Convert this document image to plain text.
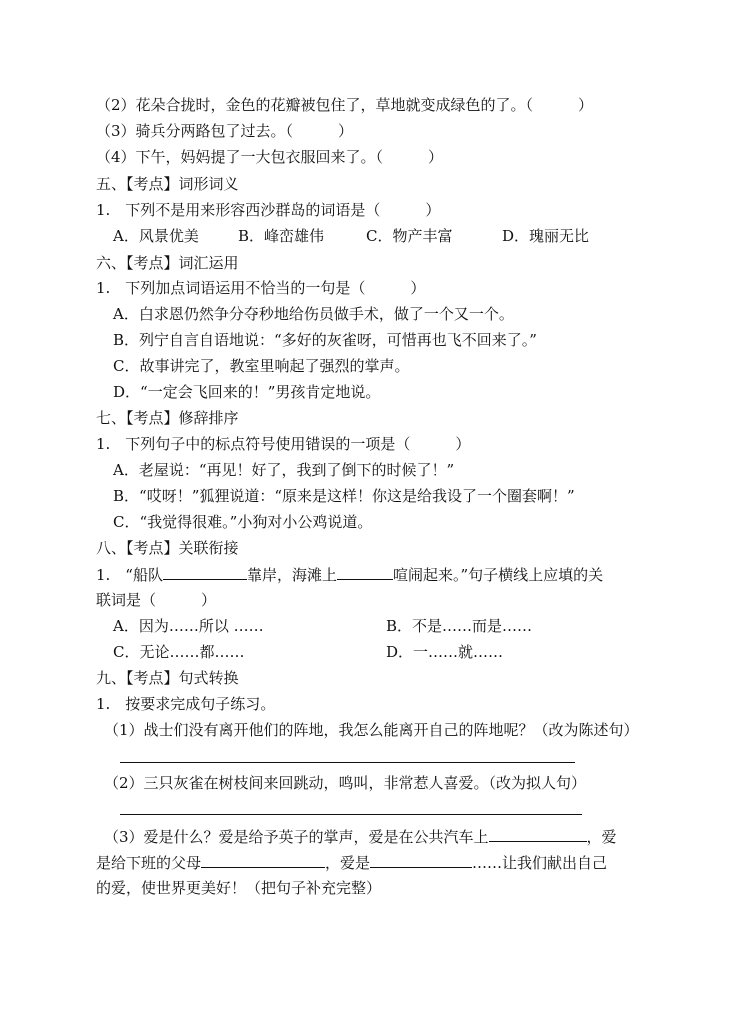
（2）花朵合拢时，金色的花瓣被包住了，草地就变成绿色的了。（　　　）
（3）骑兵分两路包了过去。（　　　）
（4）下午，妈妈提了一大包衣服回来了。（　　　）
五、【考点】词形词义
1.　下列不是用来形容西沙群岛的词语是（　　　）
A．风景优美	B．峰峦雄伟	C．物产丰富	D．瑰丽无比
六、【考点】词汇运用
1.　下列加点词语运用不恰当的一句是（　　　）
A．白求恩仍然争分夺秒地给伤员做手术，做了一个又一个。
B．列宁自言自语地说：“多好的灰雀呀，可惜再也飞不回来了。”
C．故事讲完了，教室里响起了强烈的掌声。
D．“一定会飞回来的！”男孩肯定地说。
七、【考点】修辞排序
1.　下列句子中的标点符号使用错误的一项是（　　　）
A．老屋说：“再见！好了，我到了倒下的时候了！”
B．“哎呀！”狐狸说道：“原来是这样！你这是给我设了一个圈套啊！”
C．“我觉得很难。”小狗对小公鸡说道。
八、【考点】关联衔接
1.　“船队	靠岸，海滩上	喧闹起来。”句子横线上应填的关
联词是（　　　）
A．因为……所以 ……	B．不是……而是……
C．无论……都……	D．一……就……
九、【考点】句式转换
1.　按要求完成句子练习。
（1）战士们没有离开他们的阵地，我怎么能离开自己的阵地呢？（改为陈述句）
（2）三只灰雀在树枝间来回跳动，鸣叫，非常惹人喜爱。（改为拟人句）
（3）爱是什么？爱是给予英子的掌声，爱是在公共汽车上	，爱
是给下班的父母	，爱是	……让我们献出自己
的爱，使世界更美好！（把句子补充完整）
